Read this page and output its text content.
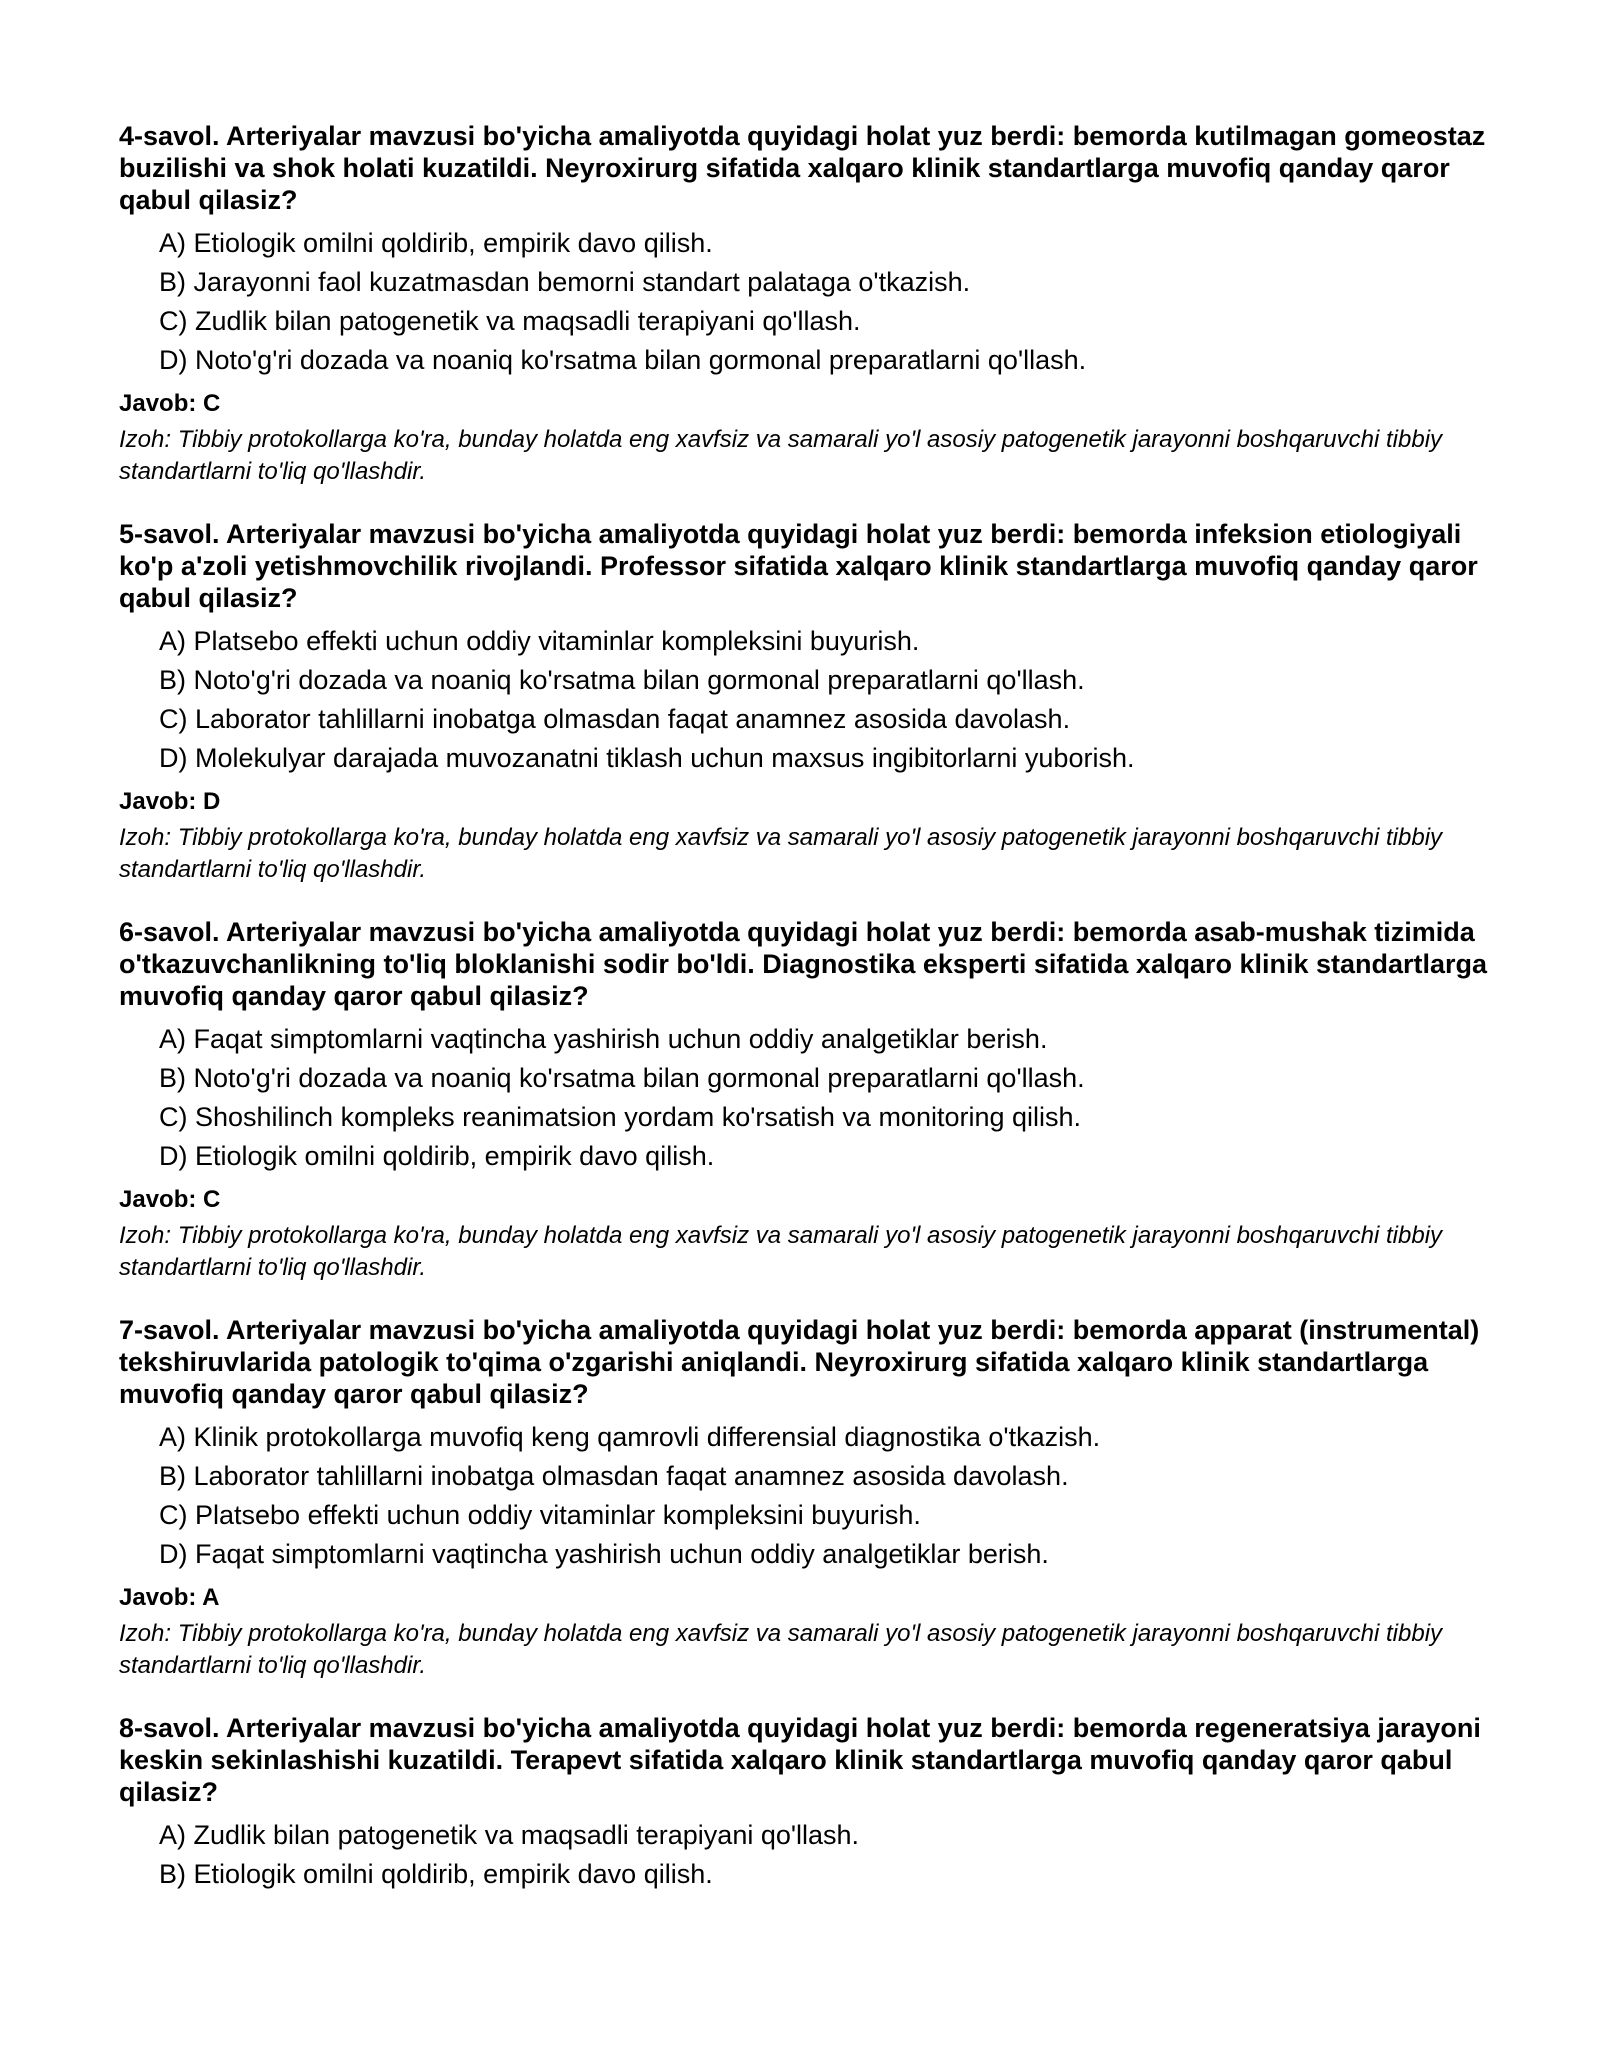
4-savol. Arteriyalar mavzusi bo'yicha amaliyotda quyidagi holat yuz berdi: bemorda kutilmagan gomeostaz buzilishi va shok holati kuzatildi. Neyroxirurg sifatida xalqaro klinik standartlarga muvofiq qanday qaror qabul qilasiz?

A) Etiologik omilni qoldirib, empirik davo qilish.
B) Jarayonni faol kuzatmasdan bemorni standart palataga o'tkazish.
C) Zudlik bilan patogenetik va maqsadli terapiyani qo'llash.
D) Noto'g'ri dozada va noaniq ko'rsatma bilan gormonal preparatlarni qo'llash.

Javob: C

Izoh: Tibbiy protokollarga ko'ra, bunday holatda eng xavfsiz va samarali yo'l asosiy patogenetik jarayonni boshqaruvchi tibbiy standartlarni to'liq qo'llashdir.

5-savol. Arteriyalar mavzusi bo'yicha amaliyotda quyidagi holat yuz berdi: bemorda infeksion etiologiyali ko'p a'zoli yetishmovchilik rivojlandi. Professor sifatida xalqaro klinik standartlarga muvofiq qanday qaror qabul qilasiz?

A) Platsebo effekti uchun oddiy vitaminlar kompleksini buyurish.
B) Noto'g'ri dozada va noaniq ko'rsatma bilan gormonal preparatlarni qo'llash.
C) Laborator tahlillarni inobatga olmasdan faqat anamnez asosida davolash.
D) Molekulyar darajada muvozanatni tiklash uchun maxsus ingibitorlarni yuborish.

Javob: D

Izoh: Tibbiy protokollarga ko'ra, bunday holatda eng xavfsiz va samarali yo'l asosiy patogenetik jarayonni boshqaruvchi tibbiy standartlarni to'liq qo'llashdir.

6-savol. Arteriyalar mavzusi bo'yicha amaliyotda quyidagi holat yuz berdi: bemorda asab-mushak tizimida o'tkazuvchanlikning to'liq bloklanishi sodir bo'ldi. Diagnostika eksperti sifatida xalqaro klinik standartlarga muvofiq qanday qaror qabul qilasiz?

A) Faqat simptomlarni vaqtincha yashirish uchun oddiy analgetiklar berish.
B) Noto'g'ri dozada va noaniq ko'rsatma bilan gormonal preparatlarni qo'llash.
C) Shoshilinch kompleks reanimatsion yordam ko'rsatish va monitoring qilish.
D) Etiologik omilni qoldirib, empirik davo qilish.

Javob: C

Izoh: Tibbiy protokollarga ko'ra, bunday holatda eng xavfsiz va samarali yo'l asosiy patogenetik jarayonni boshqaruvchi tibbiy standartlarni to'liq qo'llashdir.

7-savol. Arteriyalar mavzusi bo'yicha amaliyotda quyidagi holat yuz berdi: bemorda apparat (instrumental) tekshiruvlarida patologik to'qima o'zgarishi aniqlandi. Neyroxirurg sifatida xalqaro klinik standartlarga muvofiq qanday qaror qabul qilasiz?

A) Klinik protokollarga muvofiq keng qamrovli differensial diagnostika o'tkazish.
B) Laborator tahlillarni inobatga olmasdan faqat anamnez asosida davolash.
C) Platsebo effekti uchun oddiy vitaminlar kompleksini buyurish.
D) Faqat simptomlarni vaqtincha yashirish uchun oddiy analgetiklar berish.

Javob: A

Izoh: Tibbiy protokollarga ko'ra, bunday holatda eng xavfsiz va samarali yo'l asosiy patogenetik jarayonni boshqaruvchi tibbiy standartlarni to'liq qo'llashdir.

8-savol. Arteriyalar mavzusi bo'yicha amaliyotda quyidagi holat yuz berdi: bemorda regeneratsiya jarayoni keskin sekinlashishi kuzatildi. Terapevt sifatida xalqaro klinik standartlarga muvofiq qanday qaror qabul qilasiz?

A) Zudlik bilan patogenetik va maqsadli terapiyani qo'llash.
B) Etiologik omilni qoldirib, empirik davo qilish.
